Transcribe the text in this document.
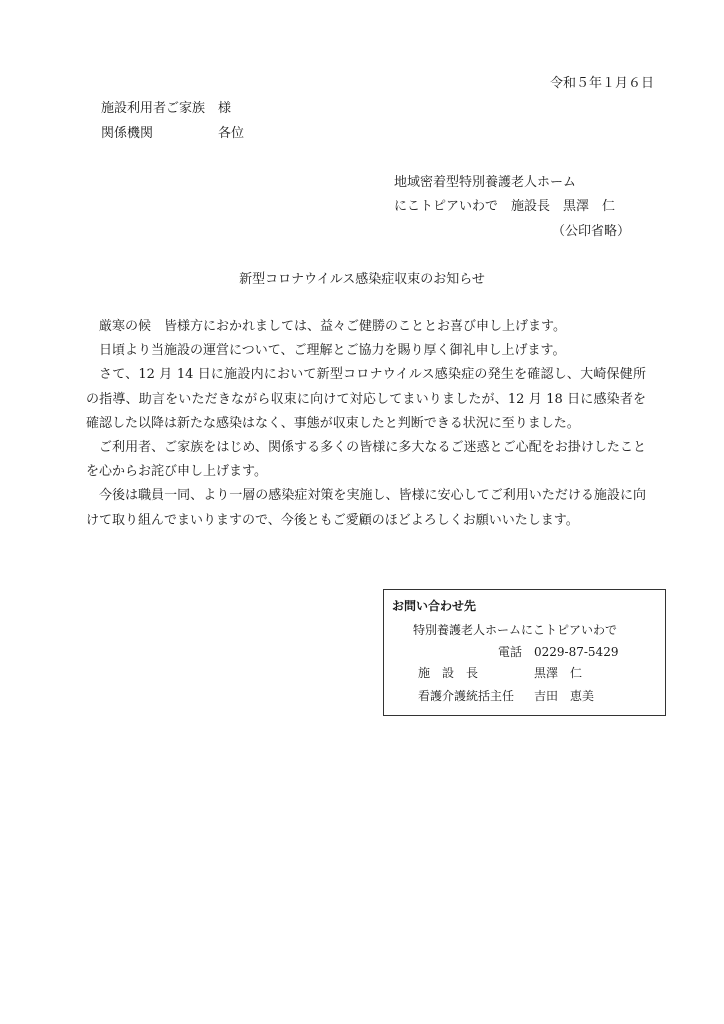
令和５年１月６日
施設利用者ご家族　様
関係機関	各位
地域密着型特別養護老人ホーム
にこトピアいわで　施設長　黒澤　仁
（公印省略）
新型コロナウイルス感染症収束のお知らせ

厳寒の候　皆様方におかれましては、益々ご健勝のこととお喜び申し上げます。

日頃より当施設の運営について、ご理解とご協力を賜り厚く御礼申し上げます。

さて、12 月 14 日に施設内において新型コロナウイルス感染症の発生を確認し、大崎保健所の指導、助言をいただきながら収束に向けて対応してまいりましたが、12 月 18 日に感染者を確認した以降は新たな感染はなく、事態が収束したと判断できる状況に至りました。

ご利用者、ご家族をはじめ、関係する多くの皆様に多大なるご迷惑とご心配をお掛けしたことを心からお詫び申し上げます。

今後は職員一同、より一層の感染症対策を実施し、皆様に安心してご利用いただける施設に向けて取り組んでまいりますので、今後ともご愛顧のほどよろしくお願いいたします。

お問い合わせ先
特別養護老人ホームにこトピアいわで
電話　0229-87-5429
施　設　長	黒澤　仁
看護介護統括主任 吉田　恵美
